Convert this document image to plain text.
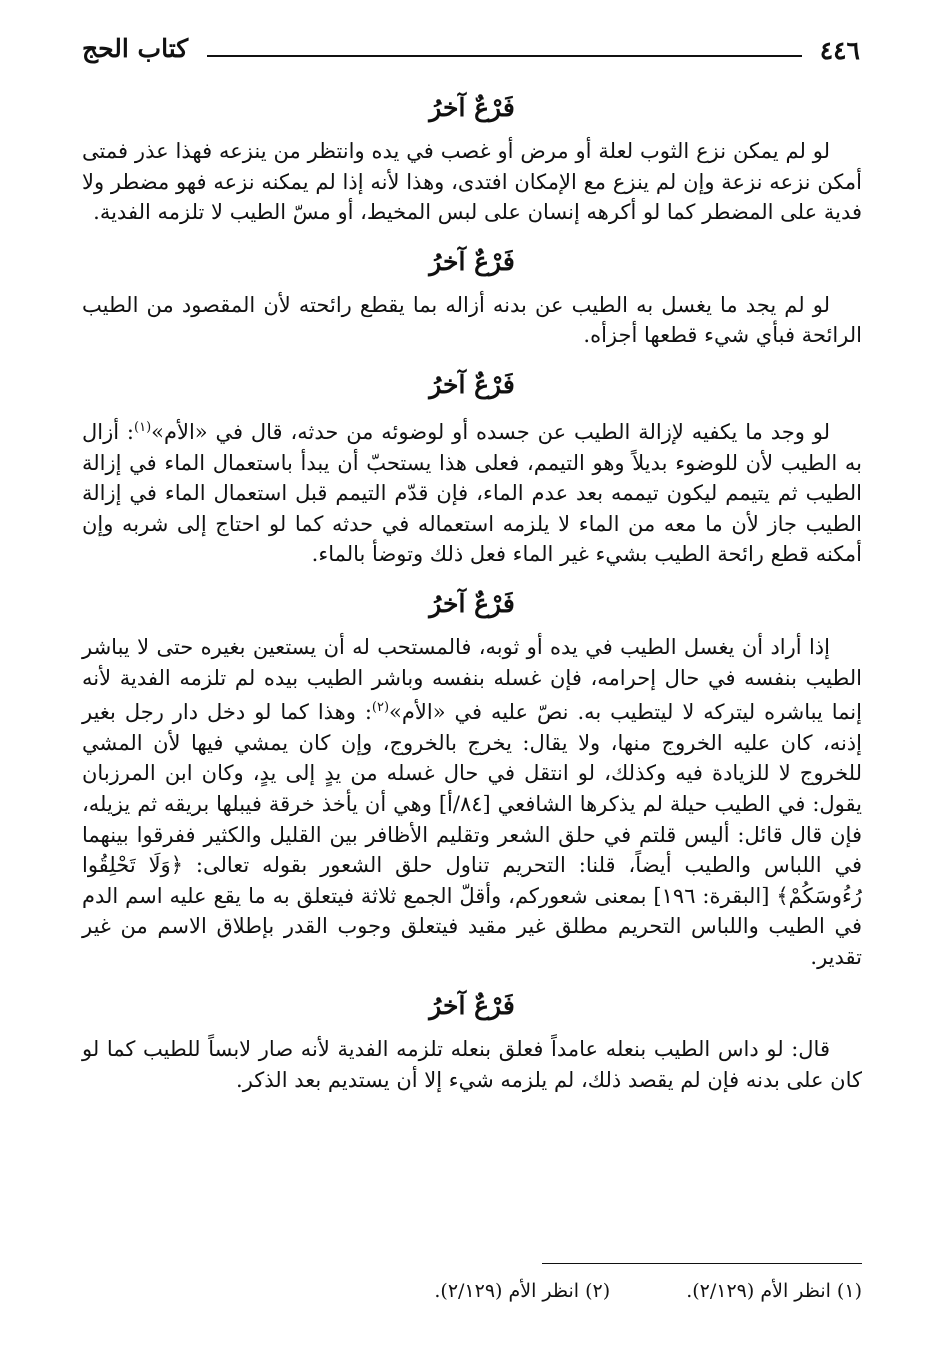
٤٤٦
كتاب الحج
فَرْعٌ آخرُ

لو لم يمكن نزع الثوب لعلة أو مرض أو غصب في يده وانتظر من ينزعه فهذا عذر فمتى أمكن نزعه نزعة وإن لم ينزع مع الإمكان افتدى، وهذا لأنه إذا لم يمكنه نزعه فهو مضطر ولا فدية على المضطر كما لو أكرهه إنسان على لبس المخيط، أو مسّ الطيب لا تلزمه الفدية.

فَرْعٌ آخرُ

لو لم يجد ما يغسل به الطيب عن بدنه أزاله بما يقطع رائحته لأن المقصود من الطيب الرائحة فبأي شيء قطعها أجزأه.

فَرْعٌ آخرُ

لو وجد ما يكفيه لإزالة الطيب عن جسده أو لوضوئه من حدثه، قال في «الأم»$^{(١)}$: أزال به الطيب لأن للوضوء بديلاً وهو التيمم، فعلى هذا يستحبّ أن يبدأ باستعمال الماء في إزالة الطيب ثم يتيمم ليكون تيممه بعد عدم الماء، فإن قدّم التيمم قبل استعمال الماء في إزالة الطيب جاز لأن ما معه من الماء لا يلزمه استعماله في حدثه كما لو احتاج إلى شربه وإن أمكنه قطع رائحة الطيب بشيء غير الماء فعل ذلك وتوضأ بالماء.

فَرْعٌ آخرُ

إذا أراد أن يغسل الطيب في يده أو ثوبه، فالمستحب له أن يستعين بغيره حتى لا يباشر الطيب بنفسه في حال إحرامه، فإن غسله بنفسه وباشر الطيب بيده لم تلزمه الفدية لأنه إنما يباشره ليتركه لا ليتطيب به. نصّ عليه في «الأم»$^{(٢)}$: وهذا كما لو دخل دار رجل بغير إذنه، كان عليه الخروج منها، ولا يقال: يخرج بالخروج، وإن كان يمشي فيها لأن المشي للخروج لا للزيادة فيه وكذلك، لو انتقل في حال غسله من يدٍ إلى يدٍ، وكان ابن المرزبان يقول: في الطيب حيلة لم يذكرها الشافعي [٨٤/أ] وهي أن يأخذ خرقة فيبلها بريقه ثم يزيله، فإن قال قائل: أليس قلتم في حلق الشعر وتقليم الأظافر بين القليل والكثير ففرقوا بينهما في اللباس والطيب أيضاً، قلنا: التحريم تناول حلق الشعور بقوله تعالى: ﴿وَلَا تَحْلِقُوا رُءُوسَكُمْ﴾ [البقرة: ١٩٦] بمعنى شعوركم، وأقلّ الجمع ثلاثة فيتعلق به ما يقع عليه اسم الدم في الطيب واللباس التحريم مطلق غير مقيد فيتعلق وجوب القدر بإطلاق الاسم من غير تقدير.

فَرْعٌ آخرُ

قال: لو داس الطيب بنعله عامداً فعلق بنعله تلزمه الفدية لأنه صار لابساً للطيب كما لو كان على بدنه فإن لم يقصد ذلك، لم يلزمه شيء إلا أن يستديم بعد الذكر.

(١) انظر الأم (٢/١٢٩). (٢) انظر الأم (٢/١٢٩).
